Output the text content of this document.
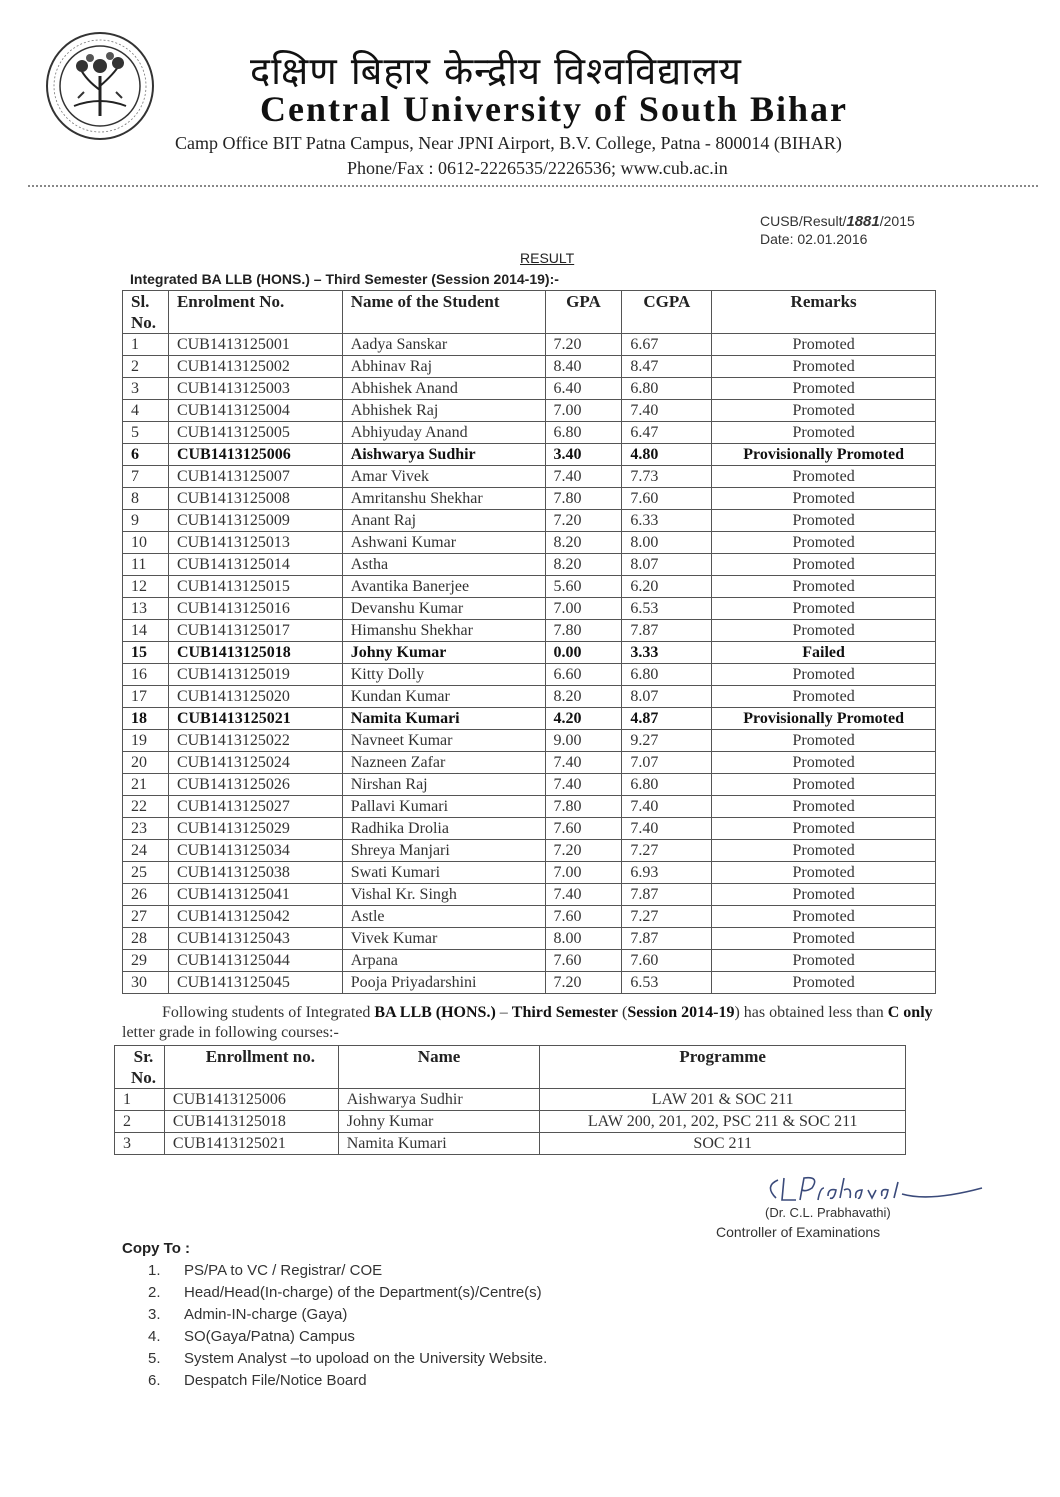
दक्षिण बिहार केन्द्रीय विश्वविद्यालय
Central University of South Bihar
Camp Office BIT Patna Campus, Near JPNI Airport, B.V. College, Patna - 800014 (BIHAR)
Phone/Fax : 0612-2226535/2226536; www.cub.ac.in
CUSB/Result/1881/2015
Date: 02.01.2016
RESULT
Integrated BA LLB (HONS.) – Third Semester (Session 2014-19):-
Sl. No.	Enrolment No.	Name of the Student	GPA	CGPA	Remarks
1	CUB1413125001	Aadya Sanskar	7.20	6.67	Promoted
2	CUB1413125002	Abhinav Raj	8.40	8.47	Promoted
3	CUB1413125003	Abhishek Anand	6.40	6.80	Promoted
4	CUB1413125004	Abhishek Raj	7.00	7.40	Promoted
5	CUB1413125005	Abhiyuday Anand	6.80	6.47	Promoted
6	CUB1413125006	Aishwarya Sudhir	3.40	4.80	Provisionally Promoted
7	CUB1413125007	Amar Vivek	7.40	7.73	Promoted
8	CUB1413125008	Amritanshu Shekhar	7.80	7.60	Promoted
9	CUB1413125009	Anant Raj	7.20	6.33	Promoted
10	CUB1413125013	Ashwani Kumar	8.20	8.00	Promoted
11	CUB1413125014	Astha	8.20	8.07	Promoted
12	CUB1413125015	Avantika Banerjee	5.60	6.20	Promoted
13	CUB1413125016	Devanshu Kumar	7.00	6.53	Promoted
14	CUB1413125017	Himanshu Shekhar	7.80	7.87	Promoted
15	CUB1413125018	Johny Kumar	0.00	3.33	Failed
16	CUB1413125019	Kitty Dolly	6.60	6.80	Promoted
17	CUB1413125020	Kundan Kumar	8.20	8.07	Promoted
18	CUB1413125021	Namita Kumari	4.20	4.87	Provisionally Promoted
19	CUB1413125022	Navneet Kumar	9.00	9.27	Promoted
20	CUB1413125024	Nazneen Zafar	7.40	7.07	Promoted
21	CUB1413125026	Nirshan Raj	7.40	6.80	Promoted
22	CUB1413125027	Pallavi Kumari	7.80	7.40	Promoted
23	CUB1413125029	Radhika Drolia	7.60	7.40	Promoted
24	CUB1413125034	Shreya Manjari	7.20	7.27	Promoted
25	CUB1413125038	Swati Kumari	7.00	6.93	Promoted
26	CUB1413125041	Vishal Kr. Singh	7.40	7.87	Promoted
27	CUB1413125042	Astle	7.60	7.27	Promoted
28	CUB1413125043	Vivek Kumar	8.00	7.87	Promoted
29	CUB1413125044	Arpana	7.60	7.60	Promoted
30	CUB1413125045	Pooja Priyadarshini	7.20	6.53	Promoted
Following students of Integrated BA LLB (HONS.) – Third Semester (Session 2014-19) has obtained less than C only letter grade in following courses:-
Sr. No.	Enrollment no.	Name	Programme
1	CUB1413125006	Aishwarya Sudhir	LAW 201 & SOC 211
2	CUB1413125018	Johny Kumar	LAW 200, 201, 202, PSC 211 & SOC 211
3	CUB1413125021	Namita Kumari	SOC 211
(Dr. C.L. Prabhavathi)
Controller of Examinations
Copy To :
1. PS/PA to VC / Registrar/ COE
2. Head/Head(In-charge) of the Department(s)/Centre(s)
3. Admin-IN-charge (Gaya)
4. SO(Gaya/Patna) Campus
5. System Analyst –to upoload on the University Website.
6. Despatch File/Notice Board
